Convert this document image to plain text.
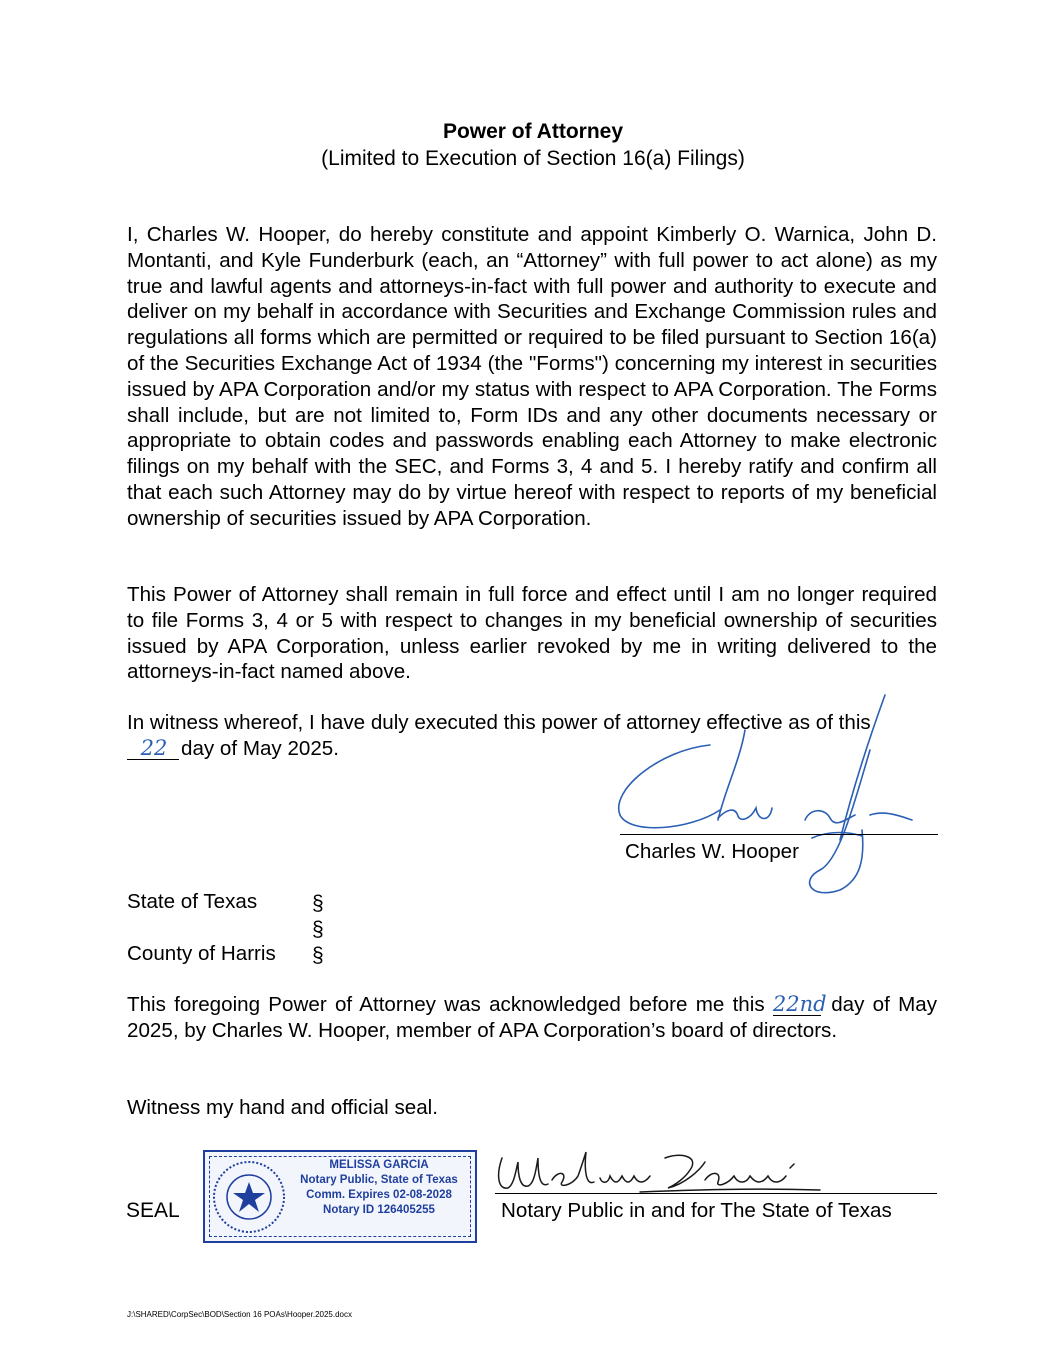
Power of Attorney
(Limited to Execution of Section 16(a) Filings)

I, Charles W. Hooper, do hereby constitute and appoint Kimberly O. Warnica, John D. Montanti, and Kyle Funderburk (each, an “Attorney” with full power to act alone) as my true and lawful agents and attorneys-in-fact with full power and authority to execute and deliver on my behalf in accordance with Securities and Exchange Commission rules and regulations all forms which are permitted or required to be filed pursuant to Section 16(a) of the Securities Exchange Act of 1934 (the "Forms") concerning my interest in securities issued by APA Corporation and/or my status with respect to APA Corporation. The Forms shall include, but are not limited to, Form IDs and any other documents necessary or appropriate to obtain codes and passwords enabling each Attorney to make electronic filings on my behalf with the SEC, and Forms 3, 4 and 5. I hereby ratify and confirm all that each such Attorney may do by virtue hereof with respect to reports of my beneficial ownership of securities issued by APA Corporation.

This Power of Attorney shall remain in full force and effect until I am no longer required to file Forms 3, 4 or 5 with respect to changes in my beneficial ownership of securities issued by APA Corporation, unless earlier revoked by me in writing delivered to the attorneys-in-fact named above.

In witness whereof, I have duly executed this power of attorney effective as of this
22 day of May 2025.

Charles W. Hooper
State of Texas
County of Harris
§
§
§

This foregoing Power of Attorney was acknowledged before me this 22nd day of May 2025, by Charles W. Hooper, member of APA Corporation’s board of directors.

Witness my hand and official seal.

SEAL
MELISSA GARCIA
Notary Public, State of Texas
Comm. Expires 02-08-2028
Notary ID 126405255	Notary Public in and for The State of Texas
J:\SHARED\CorpSec\BOD\Section 16 POAs\Hooper.2025.docx
